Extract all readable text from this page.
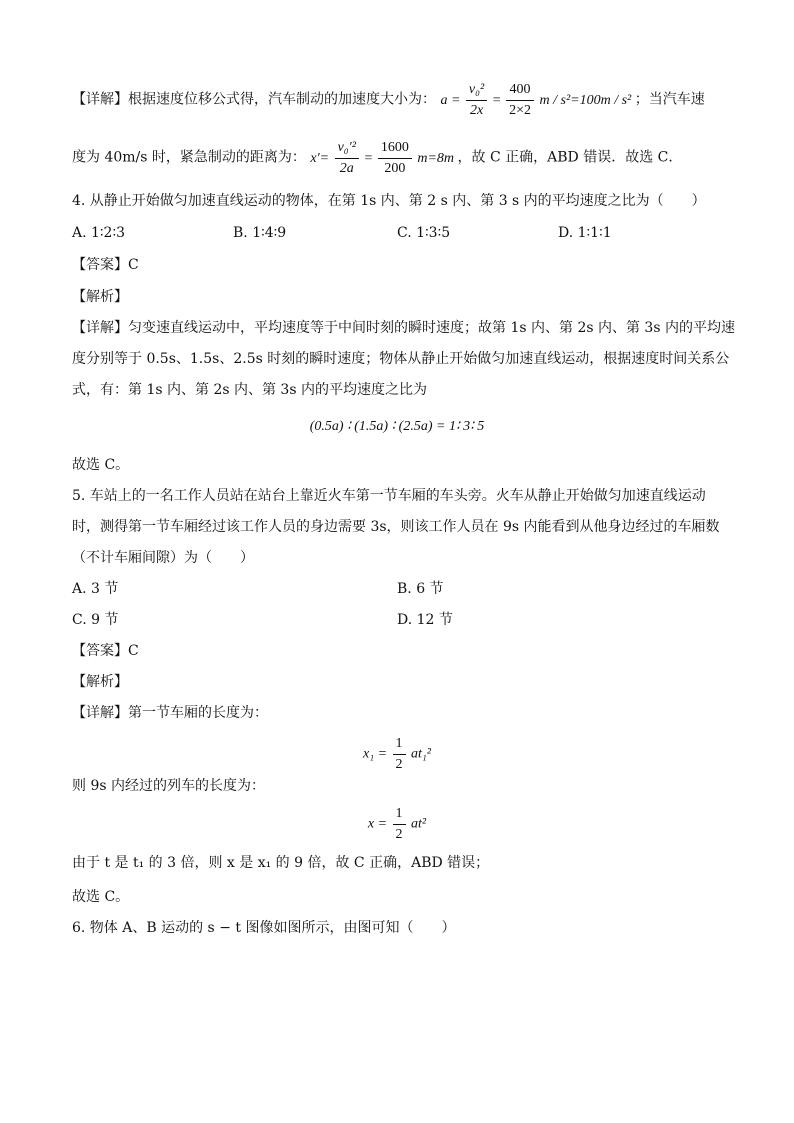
【详解】根据速度位移公式得，汽车制动的加速度大小为： $a = \frac{\text{v₀²}}{2x} = \frac{400}{2\times 2}$ m / s²=100m / s² ；当汽车速
度为 40m/s 时，紧急制动的距离为： $x'= \frac{\text{v₀′²}}{2a} = \frac{1600}{200} m=8m$ ，故 C 正确，ABD 错误．故选 C．
4. 从静止开始做匀加速直线运动的物体，在第 1s 内、第 2 s 内、第 3 s 内的平均速度之比为（　　）
A. 1∶2∶3	B. 1∶4∶9	C. 1∶3∶5	D. 1∶1∶1
【答案】C
【解析】
【详解】匀变速直线运动中，平均速度等于中间时刻的瞬时速度；故第 1s 内、第 2s 内、第 3s 内的平均速
度分别等于 0.5s、1.5s、2.5s 时刻的瞬时速度；物体从静止开始做匀加速直线运动，根据速度时间关系公
式，有：第 1s 内、第 2s 内、第 3s 内的平均速度之比为
(0.5a) ∶ (1.5a) ∶ (2.5a) = 1∶ 3∶ 5
故选 C。
5. 车站上的一名工作人员站在站台上靠近火车第一节车厢的车头旁。火车从静止开始做匀加速直线运动
时，测得第一节车厢经过该工作人员的身边需要 3s，则该工作人员在 9s 内能看到从他身边经过的车厢数
（不计车厢间隙）为（　　）
A. 3 节	B. 6 节
C. 9 节	D. 12 节
【答案】C
【解析】
【详解】第一节车厢的长度为：
$x_1 = \frac{1}{2} at_1^2$
则 9s 内经过的列车的长度为：
$x = \frac{1}{2} at^2$
由于 t 是 t₁ 的 3 倍，则 x 是 x₁ 的 9 倍，故 C 正确，ABD 错误；
故选 C。
6. 物体 A、B 运动的 s − t 图像如图所示，由图可知（　　）
